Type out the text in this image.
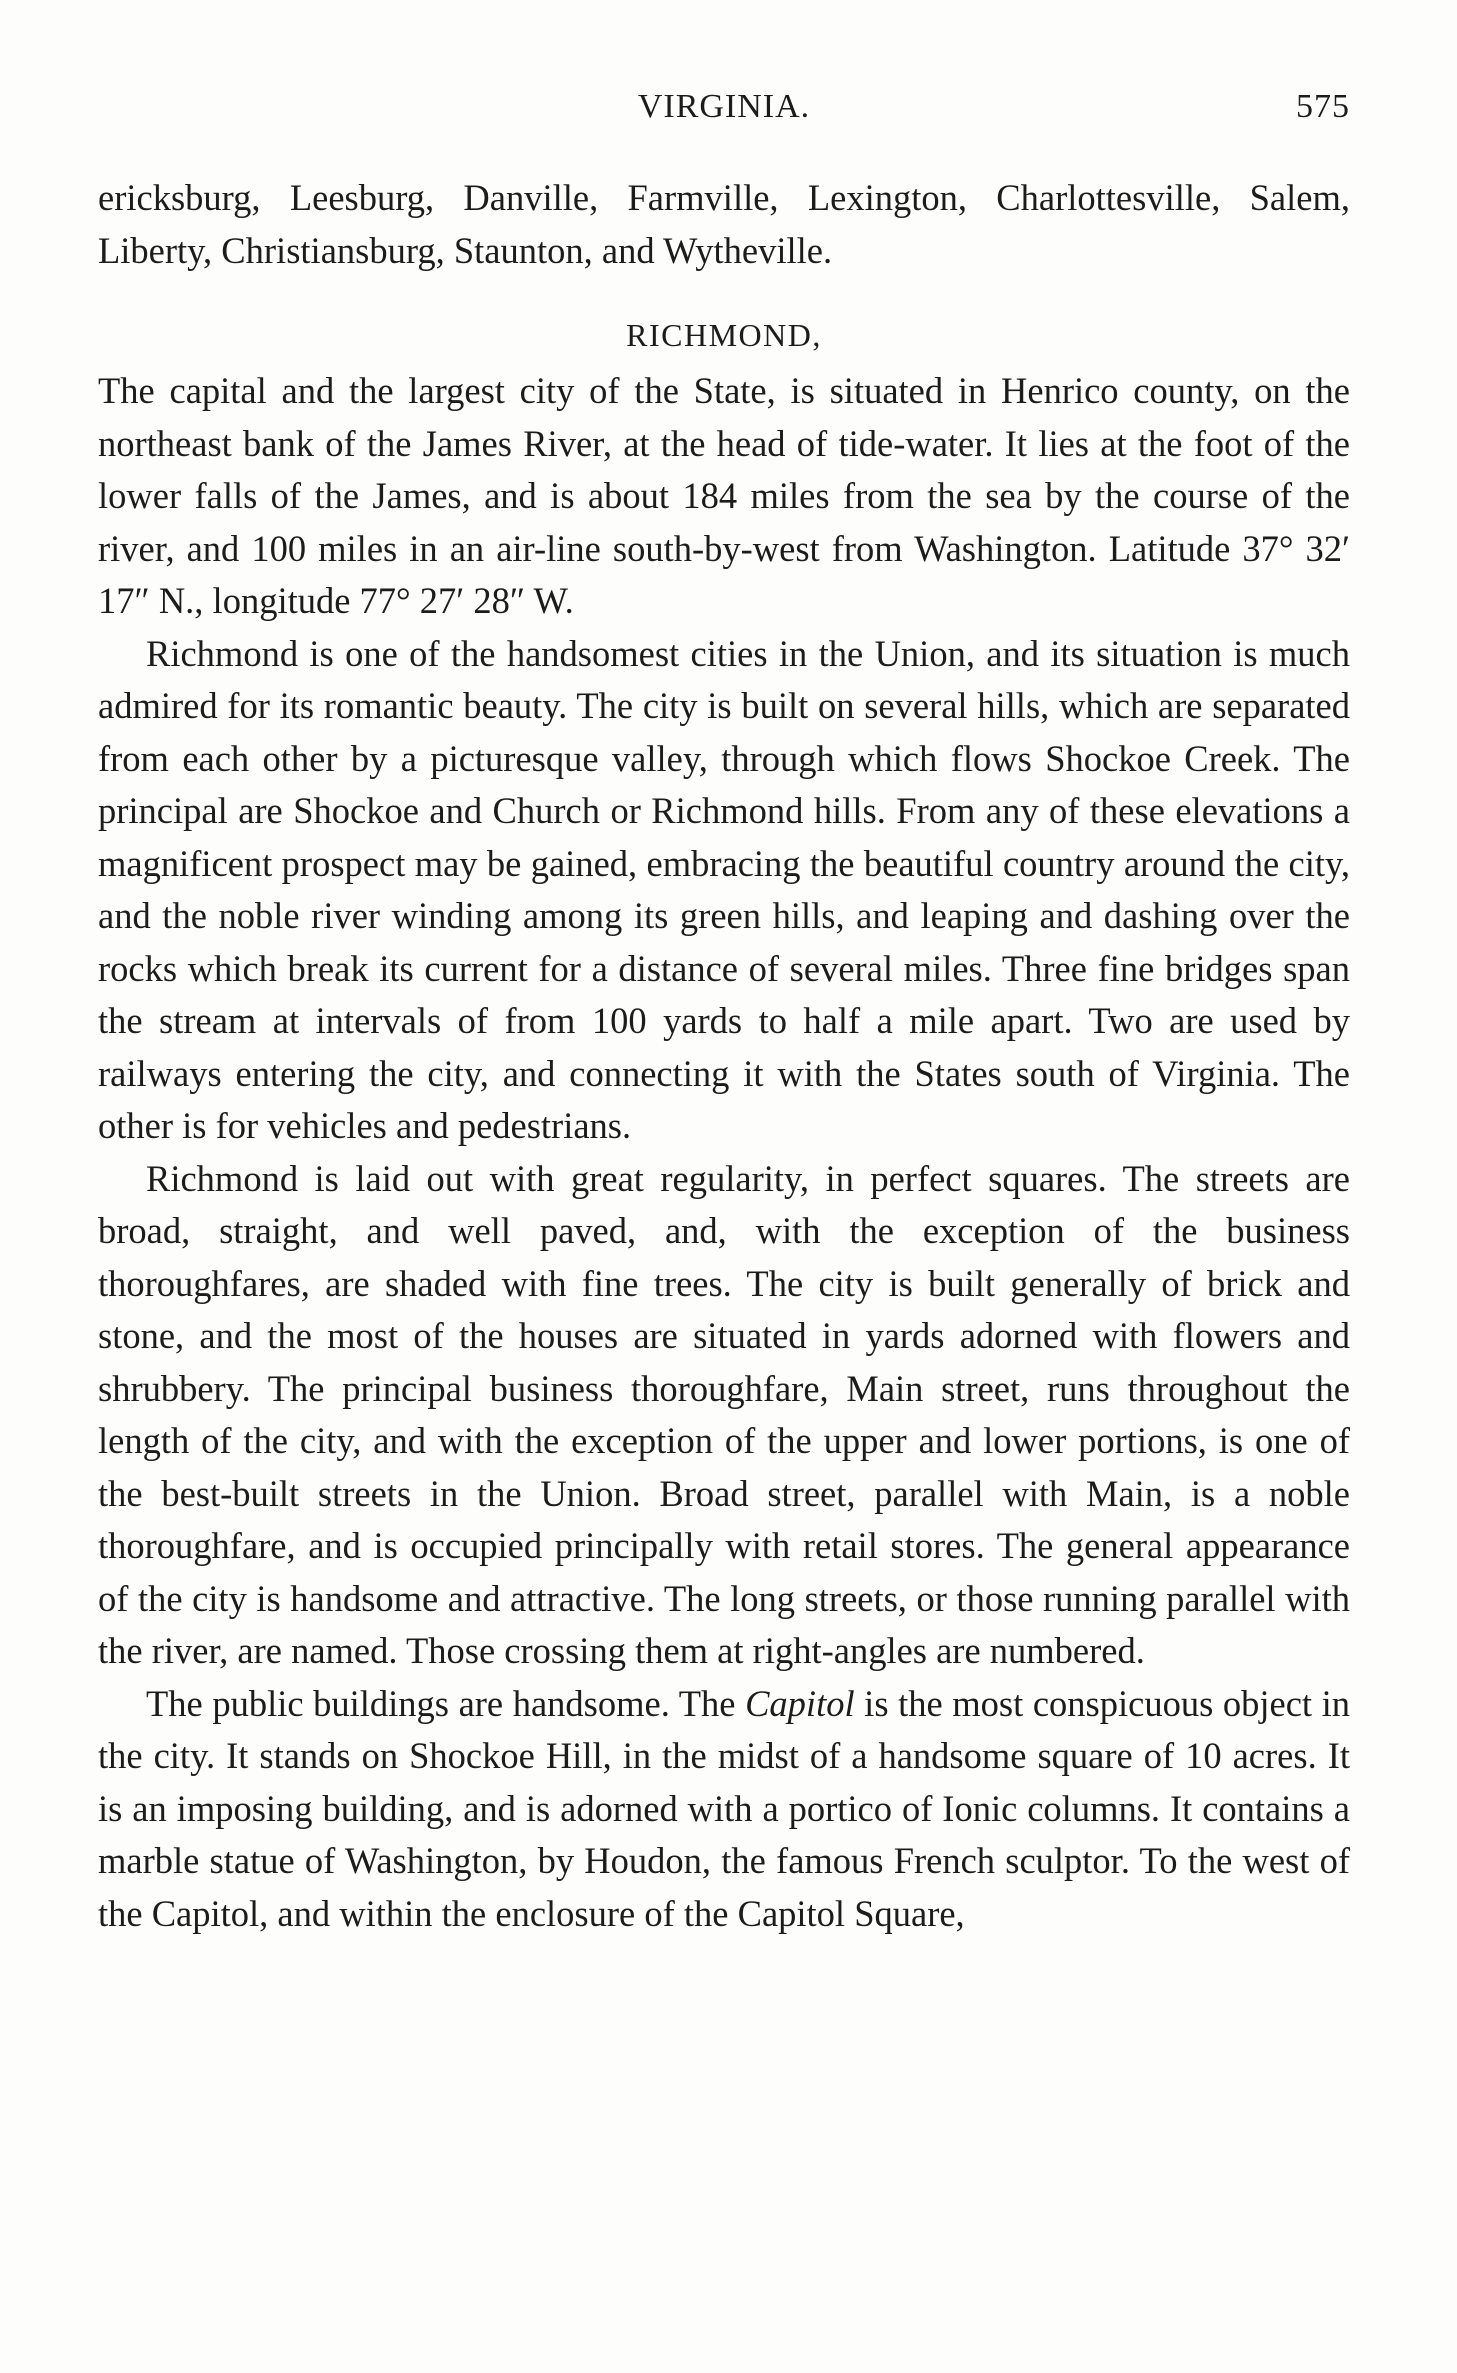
VIRGINIA.	575

ericksburg, Leesburg, Danville, Farmville, Lexington, Charlottesville, Salem, Liberty, Christiansburg, Staunton, and Wytheville.

RICHMOND,

The capital and the largest city of the State, is situated in Henrico county, on the northeast bank of the James River, at the head of tide-water. It lies at the foot of the lower falls of the James, and is about 184 miles from the sea by the course of the river, and 100 miles in an air-line south-by-west from Washington. Latitude 37° 32′ 17″ N., longitude 77° 27′ 28″ W.

Richmond is one of the handsomest cities in the Union, and its situation is much admired for its romantic beauty. The city is built on several hills, which are separated from each other by a picturesque valley, through which flows Shockoe Creek. The principal are Shockoe and Church or Richmond hills. From any of these elevations a magnificent prospect may be gained, embracing the beautiful country around the city, and the noble river winding among its green hills, and leaping and dashing over the rocks which break its current for a distance of several miles. Three fine bridges span the stream at intervals of from 100 yards to half a mile apart. Two are used by railways entering the city, and connecting it with the States south of Virginia. The other is for vehicles and pedestrians.

Richmond is laid out with great regularity, in perfect squares. The streets are broad, straight, and well paved, and, with the exception of the business thoroughfares, are shaded with fine trees. The city is built generally of brick and stone, and the most of the houses are situated in yards adorned with flowers and shrubbery. The principal business thoroughfare, Main street, runs throughout the length of the city, and with the exception of the upper and lower portions, is one of the best-built streets in the Union. Broad street, parallel with Main, is a noble thoroughfare, and is occupied principally with retail stores. The general appearance of the city is handsome and attractive. The long streets, or those running parallel with the river, are named. Those crossing them at right-angles are numbered.

The public buildings are handsome. The Capitol is the most conspicuous object in the city. It stands on Shockoe Hill, in the midst of a handsome square of 10 acres. It is an imposing building, and is adorned with a portico of Ionic columns. It contains a marble statue of Washington, by Houdon, the famous French sculptor. To the west of the Capitol, and within the enclosure of the Capitol Square,
